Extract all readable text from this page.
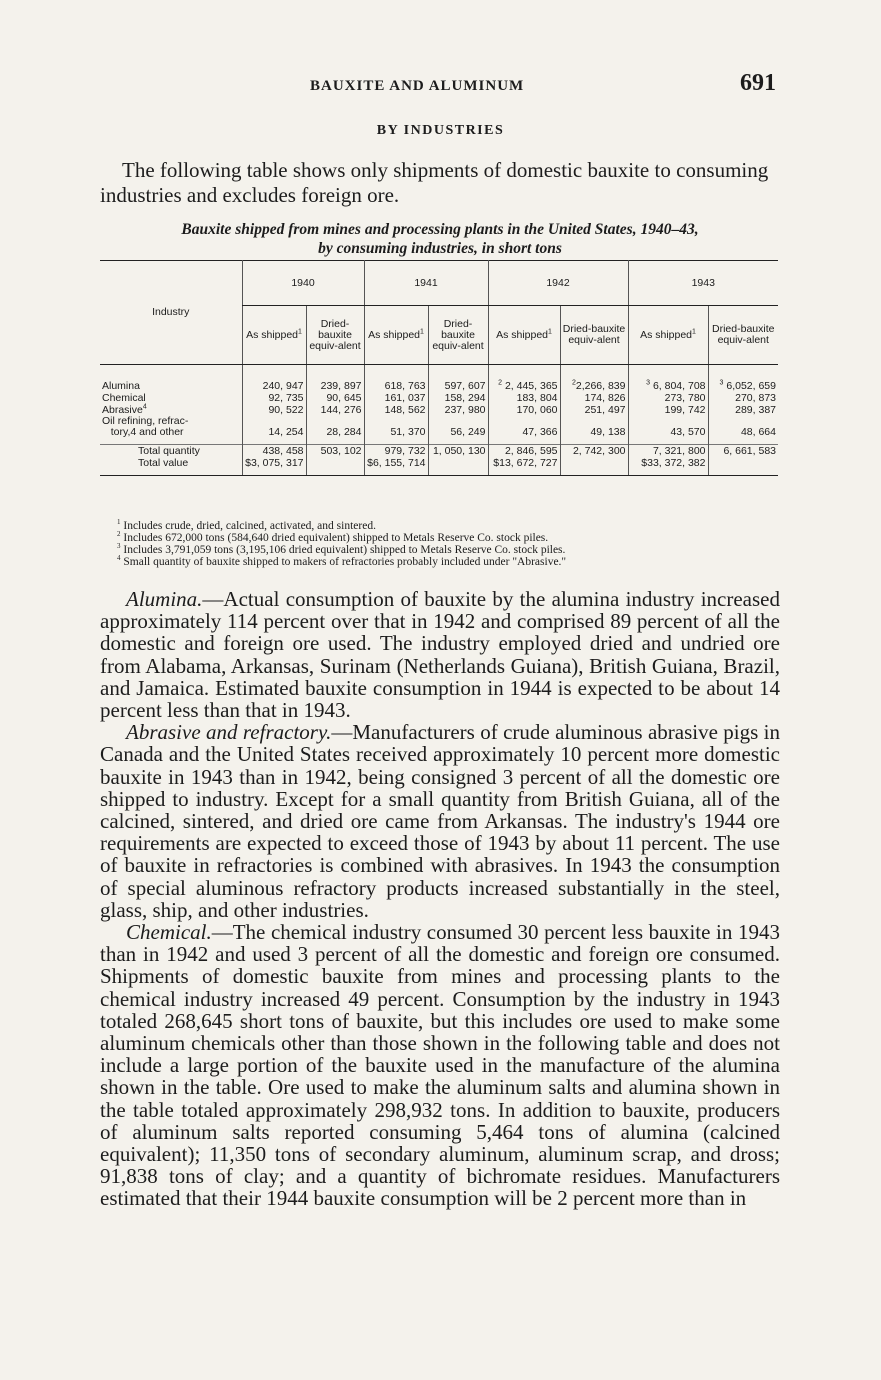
BAUXITE AND ALUMINUM	691
BY INDUSTRIES
The following table shows only shipments of domestic bauxite to consuming industries and excludes foreign ore.
Bauxite shipped from mines and processing plants in the United States, 1940–43,
by consuming industries, in short tons
Industry	1940		1941		1942		1943	
	As shipped$^1$	Dried-bauxite equiv-alent	As shipped$^1$	Dried-bauxite equiv-alent	As shipped$^1$	Dried-bauxite equiv-alent	As shipped$^1$	Dried-bauxite equiv-alent

Alumina	240, 947	239, 897	618, 763	597, 607	$^2$ 2, 445, 365	$^2$2,266, 839	$^3$ 6, 804, 708	$^3$ 6,052, 659
Chemical	92, 735	90, 645	161, 037	158, 294	183, 804	174, 826	273, 780	270, 873
Abrasive$^4$	90, 522	144, 276	148, 562	237, 980	170, 060	251, 497	199, 742	289, 387
Oil refining, refrac-
tory,4 and other	14, 254	28, 284	51, 370	56, 249	47, 366	49, 138	43, 570	48, 664

Total quantity	438, 458	503, 102	979, 732	1, 050, 130	2, 846, 595	2, 742, 300	7, 321, 800	6, 661, 583
Total value	$3, 075, 317		$6, 155, 714		$13, 672, 727		$33, 372, 382	
$^1$ Includes crude, dried, calcined, activated, and sintered.
$^2$ Includes 672,000 tons (584,640 dried equivalent) shipped to Metals Reserve Co. stock piles.
$^3$ Includes 3,791,059 tons (3,195,106 dried equivalent) shipped to Metals Reserve Co. stock piles.
$^4$ Small quantity of bauxite shipped to makers of refractories probably included under "Abrasive."

Alumina.—Actual consumption of bauxite by the alumina industry increased approximately 114 percent over that in 1942 and comprised 89 percent of all the domestic and foreign ore used. The industry employed dried and undried ore from Alabama, Arkansas, Surinam (Netherlands Guiana), British Guiana, Brazil, and Jamaica. Estimated bauxite consumption in 1944 is expected to be about 14 percent less than that in 1943.

Abrasive and refractory.—Manufacturers of crude aluminous abrasive pigs in Canada and the United States received approximately 10 percent more domestic bauxite in 1943 than in 1942, being consigned 3 percent of all the domestic ore shipped to industry. Except for a small quantity from British Guiana, all of the calcined, sintered, and dried ore came from Arkansas. The industry's 1944 ore requirements are expected to exceed those of 1943 by about 11 percent. The use of bauxite in refractories is combined with abrasives. In 1943 the consumption of special aluminous refractory products increased substantially in the steel, glass, ship, and other industries.

Chemical.—The chemical industry consumed 30 percent less bauxite in 1943 than in 1942 and used 3 percent of all the domestic and foreign ore consumed. Shipments of domestic bauxite from mines and processing plants to the chemical industry increased 49 percent. Consumption by the industry in 1943 totaled 268,645 short tons of bauxite, but this includes ore used to make some aluminum chemicals other than those shown in the following table and does not include a large portion of the bauxite used in the manufacture of the alumina shown in the table. Ore used to make the aluminum salts and alumina shown in the table totaled approximately 298,932 tons. In addition to bauxite, producers of aluminum salts reported consuming 5,464 tons of alumina (calcined equivalent); 11,350 tons of secondary aluminum, aluminum scrap, and dross; 91,838 tons of clay; and a quantity of bichromate residues. Manufacturers estimated that their 1944 bauxite consumption will be 2 percent more than in
